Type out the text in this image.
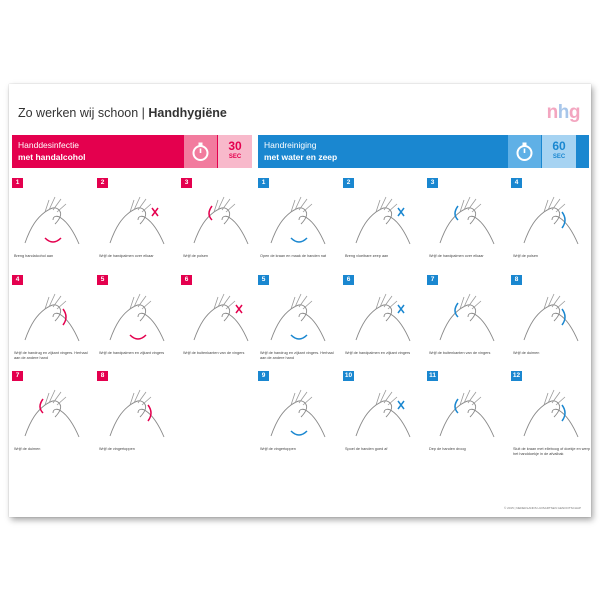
Zo werken wij schoon | Handhygiëne	nhg
Handdesinfectie
met handalcohol
30
SEC
Handreiniging
met water en zeep
60
SEC
1
Breng handalcohol aan
2
Wrijf de handpalmen over elkaar
3
Wrijf de polsen
4
Wrijf de handrug en zijkant vingers. Herhaal aan de andere hand
5
Wrijf de handpalmen en zijkant vingers
6
Wrijf de buitenkanten van de vingers
7
Wrijf de duimen
8
Wrijf de vingertoppen
1
Open de kraan en maak de handen nat
2
Breng vloeibare zeep aan
3
Wrijf de handpalmen over elkaar
4
Wrijf de polsen
5
Wrijf de handrug en zijkant vingers. Herhaal aan de andere hand
6
Wrijf de handpalmen en zijkant vingers
7
Wrijf de buitenkanten van de vingers
8
Wrijf de duimen
9
Wrijf de vingertoppen
10
Spoel de handen goed af
11
Dep de handen droog
12
Sluit de kraan met elleboog of doekje en werp het handdoekje in de afvalbak
© 2015 | NEDERLANDS HUISARTSEN GENOOTSCHAP
